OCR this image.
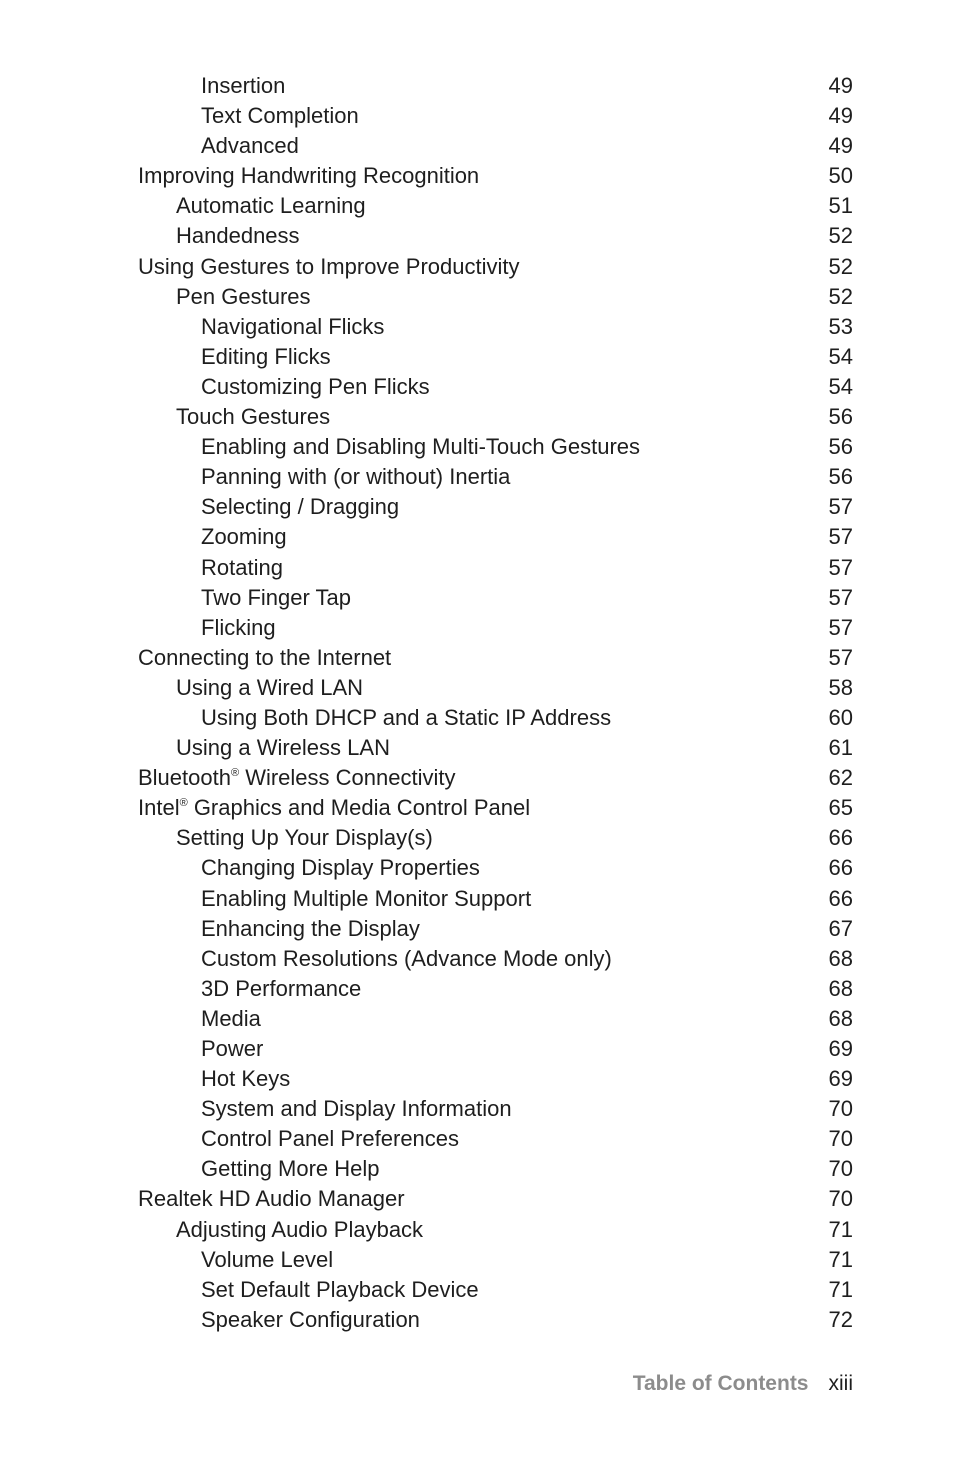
Insertion	49
Text Completion	49
Advanced	49
Improving Handwriting Recognition	50
Automatic Learning	51
Handedness	52
Using Gestures to Improve Productivity	52
Pen Gestures	52
Navigational Flicks	53
Editing Flicks	54
Customizing Pen Flicks	54
Touch Gestures	56
Enabling and Disabling Multi-Touch Gestures	56
Panning with (or without) Inertia	56
Selecting / Dragging	57
Zooming	57
Rotating	57
Two Finger Tap	57
Flicking	57
Connecting to the Internet	57
Using a Wired LAN	58
Using Both DHCP and a Static IP Address	60
Using a Wireless LAN	61
Bluetooth® Wireless Connectivity	62
Intel® Graphics and Media Control Panel	65
Setting Up Your Display(s)	66
Changing Display Properties	66
Enabling Multiple Monitor Support	66
Enhancing the Display	67
Custom Resolutions (Advance Mode only)	68
3D Performance	68
Media	68
Power	69
Hot Keys	69
System and Display Information	70
Control Panel Preferences	70
Getting More Help	70
Realtek HD Audio Manager	70
Adjusting Audio Playback	71
Volume Level	71
Set Default Playback Device	71
Speaker Configuration	72
Table of Contents xiii
